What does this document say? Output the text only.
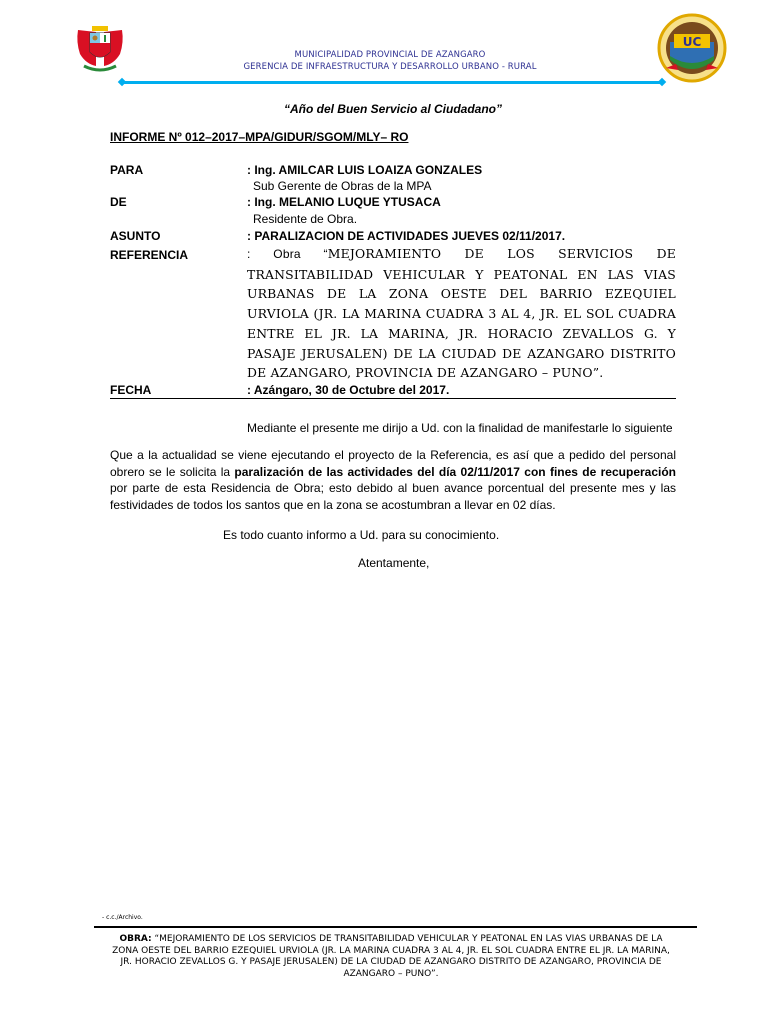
MUNICIPALIDAD PROVINCIAL DE AZANGARO
GERENCIA DE INFRAESTRUCTURA Y DESARROLLO URBANO - RURAL
UC
“Año del Buen Servicio al Ciudadano”
INFORME Nº 012–2017–MPA/GIDUR/SGOM/MLY– RO
PARA	: Ing. AMILCAR LUIS LOAIZA GONZALES
Sub Gerente de Obras de la MPA
DE	: Ing. MELANIO LUQUE YTUSACA
Residente de Obra.
ASUNTO	: PARALIZACION DE ACTIVIDADES JUEVES 02/11/2017.
REFERENCIA	: Obra “MEJORAMIENTO DE LOS SERVICIOS DE TRANSITABILIDAD VEHICULAR Y PEATONAL EN LAS VIAS URBANAS DE LA ZONA OESTE DEL BARRIO EZEQUIEL URVIOLA (JR. LA MARINA CUADRA 3 AL 4, JR. EL SOL CUADRA ENTRE EL JR. LA MARINA, JR. HORACIO ZEVALLOS G. Y PASAJE JERUSALEN) DE LA CIUDAD DE AZANGARO DISTRITO DE AZANGARO, PROVINCIA DE AZANGARO – PUNO”.
FECHA	: Azángaro, 30 de Octubre del 2017.
Mediante el presente me dirijo a Ud. con la finalidad de manifestarle lo siguiente
Que a la actualidad se viene ejecutando el proyecto de la Referencia, es así que a pedido del personal obrero se le solicita la paralización de las actividades del día 02/11/2017 con fines de recuperación por parte de esta Residencia de Obra; esto debido al buen avance porcentual del presente mes y las festividades de todos los santos que en la zona se acostumbran a llevar en 02 días.
Es todo cuanto informo a Ud. para su conocimiento.
Atentamente,
- c.c./Archivo.
OBRA: “MEJORAMIENTO DE LOS SERVICIOS DE TRANSITABILIDAD VEHICULAR Y PEATONAL EN LAS VIAS URBANAS DE LA ZONA OESTE DEL BARRIO EZEQUIEL URVIOLA (JR. LA MARINA CUADRA 3 AL 4, JR. EL SOL CUADRA ENTRE EL JR. LA MARINA, JR. HORACIO ZEVALLOS G. Y PASAJE JERUSALEN) DE LA CIUDAD DE AZANGARO DISTRITO DE AZANGARO, PROVINCIA DE AZANGARO – PUNO”.
